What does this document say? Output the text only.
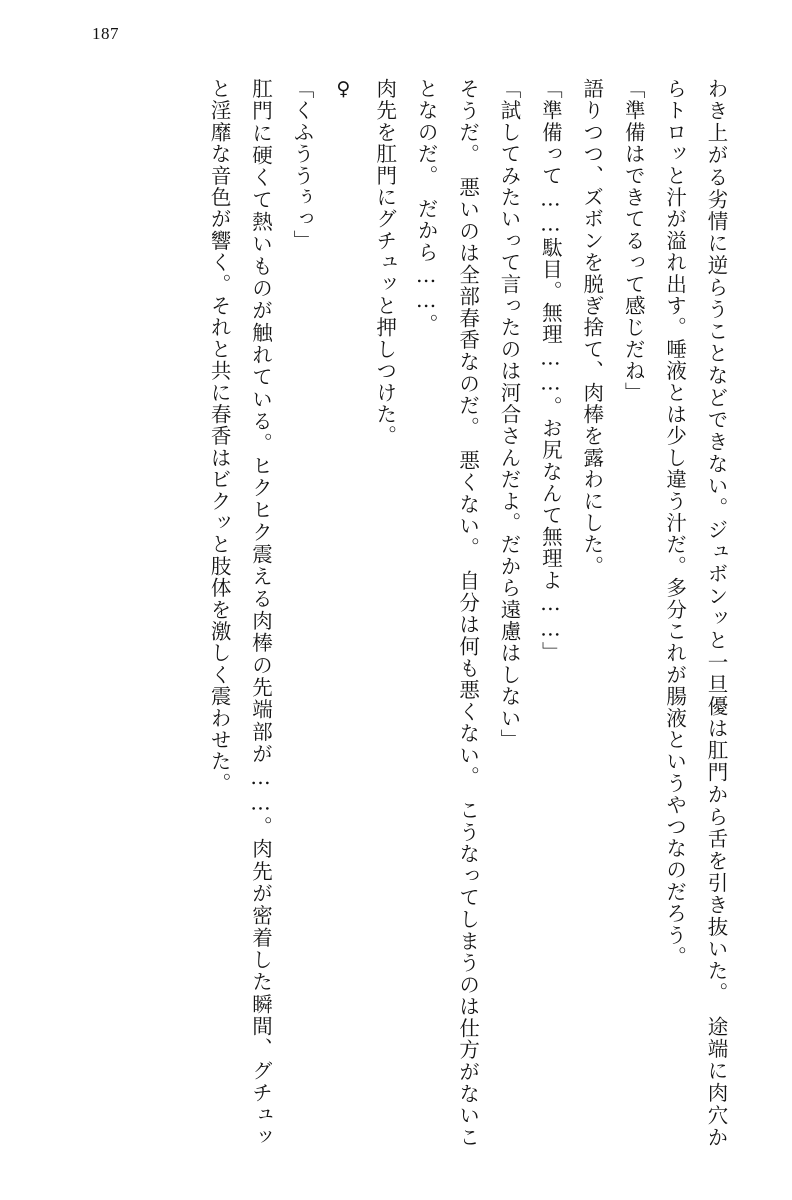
187

わき上がる劣情に逆らうことなどできない。ジュボンッと一旦優は肛門から舌を引き抜いた。　途端に肉穴からトロッと汁が溢れ出す。唾液とは少し違う汁だ。多分これが腸液というやつなのだろう。

「準備はできてるって感じだね」

語りつつ、ズボンを脱ぎ捨て、肉棒を露わにした。

「準備って……駄目。無理……。お尻なんて無理よ……」

「試してみたいって言ったのは河合さんだよ。だから遠慮はしない」

そうだ。　悪いのは全部春香なのだ。　悪くない。　自分は何も悪くない。　こうなってしまうのは仕方がないことなのだ。　だから……。

肉先を肛門にグチュッと押しつけた。

♀

「くふううぅっ」

肛門に硬くて熱いものが触れている。ヒクヒク震える肉棒の先端部が……。肉先が密着した瞬間、グチュッと淫靡な音色が響く。それと共に春香はビクッと肢体を激しく震わせた。
